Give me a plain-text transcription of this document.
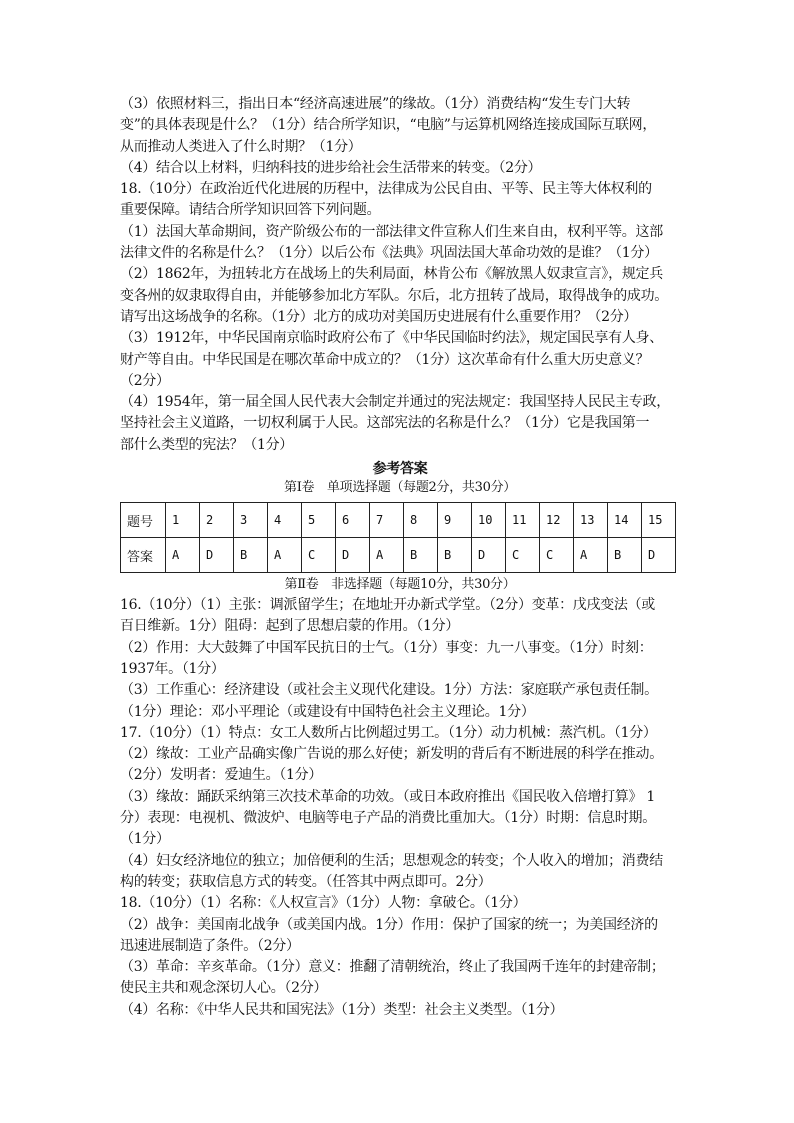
（3）依照材料三，指出日本“经济高速进展”的缘故。（1分）消费结构“发生专门大转
变”的具体表现是什么？（1分）结合所学知识，“电脑”与运算机网络连接成国际互联网，
从而推动人类进入了什么时期？（1分）
（4）结合以上材料，归纳科技的进步给社会生活带来的转变。（2分）
18.（10分）在政治近代化进展的历程中，法律成为公民自由、平等、民主等大体权利的
重要保障。请结合所学知识回答下列问题。
（1）法国大革命期间，资产阶级公布的一部法律文件宣称人们生来自由，权利平等。这部
法律文件的名称是什么？（1分）以后公布《法典》巩固法国大革命功效的是谁？（1分）
（2）1862年，为扭转北方在战场上的失利局面，林肯公布《解放黑人奴隶宣言》，规定兵
变各州的奴隶取得自由，并能够参加北方军队。尔后，北方扭转了战局，取得战争的成功。
请写出这场战争的名称。（1分）北方的成功对美国历史进展有什么重要作用？（2分）
（3）1912年，中华民国南京临时政府公布了《中华民国临时约法》，规定国民享有人身、
财产等自由。中华民国是在哪次革命中成立的？（1分）这次革命有什么重大历史意义？
（2分）
（4）1954年，第一届全国人民代表大会制定并通过的宪法规定：我国坚持人民民主专政，
坚持社会主义道路，一切权利属于人民。这部宪法的名称是什么？（1分）它是我国第一
部什么类型的宪法？（1分）
参考答案
第Ⅰ卷　单项选择题（每题2分，共30分）
题号	1	2	3	4	5	6	7	8	9	10	11	12	13	14	15
答案	A	D	B	A	C	D	A	B	B	D	C	C	A	B	D
第Ⅱ卷　非选择题（每题10分，共30分）
16.（10分）（1）主张：调派留学生；在地址开办新式学堂。（2分）变革：戊戌变法（或
百日维新。1分）阻碍：起到了思想启蒙的作用。（1分）
（2）作用：大大鼓舞了中国军民抗日的士气。（1分）事变：九一八事变。（1分）时刻：
1937年。（1分）
（3）工作重心：经济建设（或社会主义现代化建设。1分）方法：家庭联产承包责任制。
（1分）理论：邓小平理论（或建设有中国特色社会主义理论。1分）
17.（10分）（1）特点：女工人数所占比例超过男工。（1分）动力机械：蒸汽机。（1分）
（2）缘故：工业产品确实像广告说的那么好使；新发明的背后有不断进展的科学在推动。
（2分）发明者：爱迪生。（1分）
（3）缘故：踊跃采纳第三次技术革命的功效。（或日本政府推出《国民收入倍增打算》 1
分）表现：电视机、微波炉、电脑等电子产品的消费比重加大。（1分）时期：信息时期。
（1分）
（4）妇女经济地位的独立；加倍便利的生活；思想观念的转变；个人收入的增加；消费结
构的转变；获取信息方式的转变。（任答其中两点即可。2分）
18.（10分）（1）名称：《人权宣言》（1分）人物：拿破仑。（1分）
（2）战争：美国南北战争（或美国内战。1分）作用：保护了国家的统一；为美国经济的
迅速进展制造了条件。（2分）
（3）革命：辛亥革命。（1分）意义：推翻了清朝统治，终止了我国两千连年的封建帝制；
使民主共和观念深切人心。（2分）
（4）名称：《中华人民共和国宪法》（1分）类型：社会主义类型。（1分）
